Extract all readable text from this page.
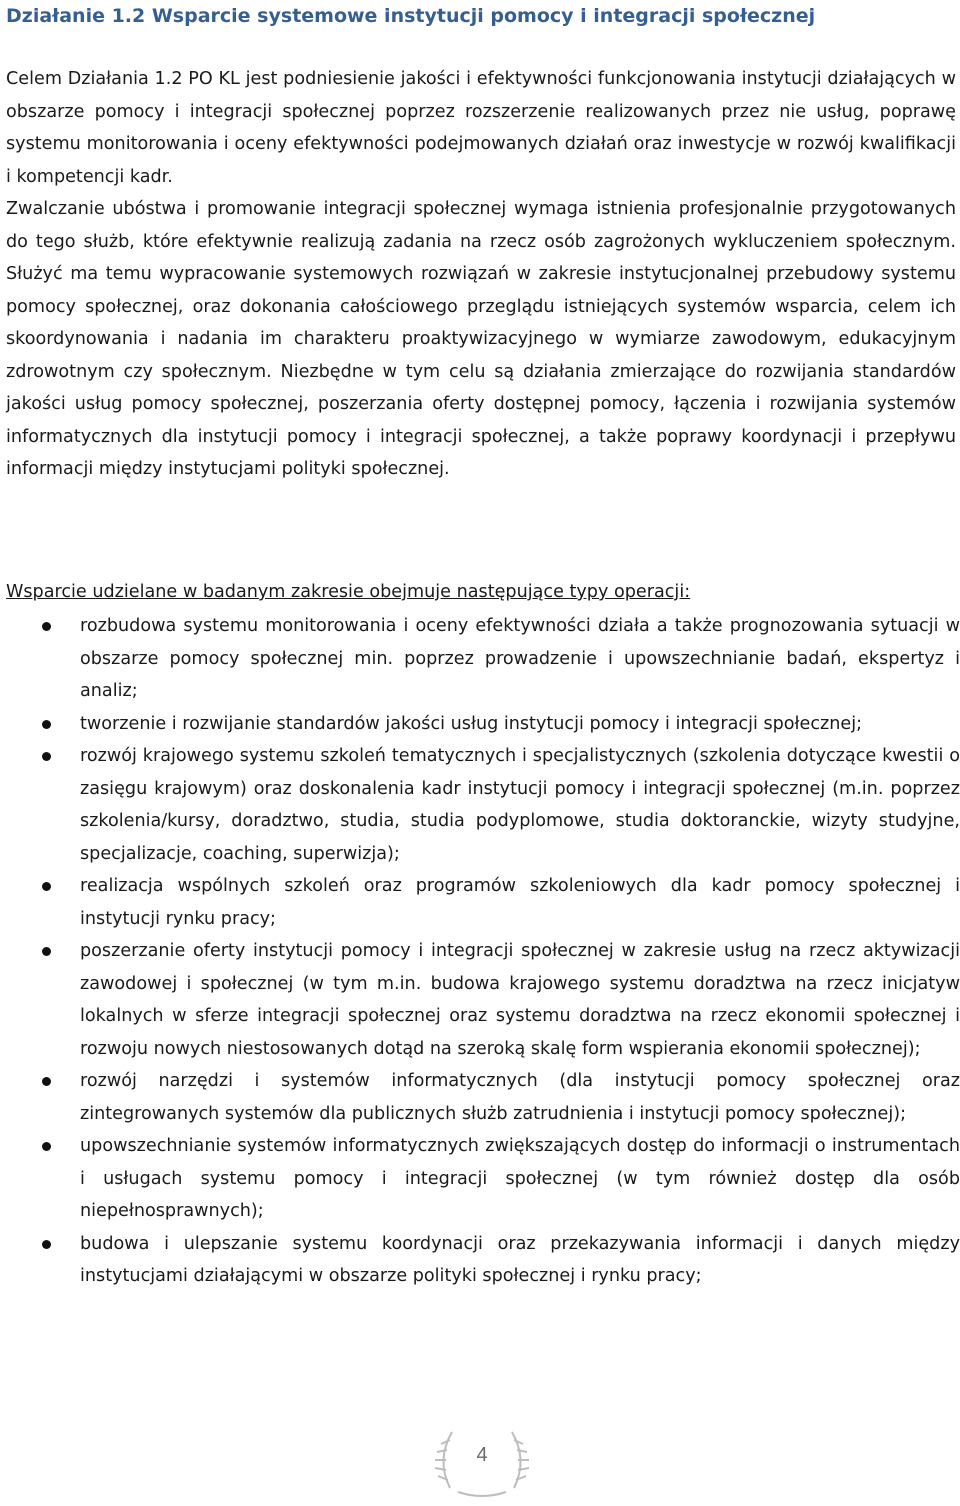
Działanie 1.2 Wsparcie systemowe instytucji pomocy i integracji społecznej

Celem Działania 1.2 PO KL jest podniesienie jakości i efektywności funkcjonowania instytucji działających w obszarze pomocy i integracji społecznej poprzez rozszerzenie realizowanych przez nie usług, poprawę systemu monitorowania i oceny efektywności podejmowanych działań oraz inwestycje w rozwój kwalifikacji i kompetencji kadr.

Zwalczanie ubóstwa i promowanie integracji społecznej wymaga istnienia profesjonalnie przygotowanych do tego służb, które efektywnie realizują zadania na rzecz osób zagrożonych wykluczeniem społecznym. Służyć ma temu wypracowanie systemowych rozwiązań w zakresie instytucjonalnej przebudowy systemu pomocy społecznej, oraz dokonania całościowego przeglądu istniejących systemów wsparcia, celem ich skoordynowania i nadania im charakteru proaktywizacyjnego w wymiarze zawodowym, edukacyjnym zdrowotnym czy społecznym. Niezbędne w tym celu są działania zmierzające do rozwijania standardów jakości usług pomocy społecznej, poszerzania oferty dostępnej pomocy, łączenia i rozwijania systemów informatycznych dla instytucji pomocy i integracji społecznej, a także poprawy koordynacji i przepływu informacji między instytucjami polityki społecznej.

Wsparcie udzielane w badanym zakresie obejmuje następujące typy operacji:
rozbudowa systemu monitorowania i oceny efektywności działa a także prognozowania sytuacji w obszarze pomocy społecznej min. poprzez prowadzenie i upowszechnianie badań, ekspertyz i analiz;
tworzenie i rozwijanie standardów jakości usług instytucji pomocy i integracji społecznej;
rozwój krajowego systemu szkoleń tematycznych i specjalistycznych (szkolenia dotyczące kwestii o zasięgu krajowym) oraz doskonalenia kadr instytucji pomocy i integracji społecznej (m.in. poprzez szkolenia/kursy, doradztwo, studia, studia podyplomowe, studia doktoranckie, wizyty studyjne, specjalizacje, coaching, superwizja);
realizacja wspólnych szkoleń oraz programów szkoleniowych dla kadr pomocy społecznej i instytucji rynku pracy;
poszerzanie oferty instytucji pomocy i integracji społecznej w zakresie usług na rzecz aktywizacji zawodowej i społecznej (w tym m.in. budowa krajowego systemu doradztwa na rzecz inicjatyw lokalnych w sferze integracji społecznej oraz systemu doradztwa na rzecz ekonomii społecznej i rozwoju nowych niestosowanych dotąd na szeroką skalę form wspierania ekonomii społecznej);
rozwój narzędzi i systemów informatycznych (dla instytucji pomocy społecznej oraz zintegrowanych systemów dla publicznych służb zatrudnienia i instytucji pomocy społecznej);
upowszechnianie systemów informatycznych zwiększających dostęp do informacji o instrumentach i usługach systemu pomocy i integracji społecznej (w tym również dostęp dla osób niepełnosprawnych);
budowa i ulepszanie systemu koordynacji oraz przekazywania informacji i danych między instytucjami działającymi w obszarze polityki społecznej i rynku pracy;
4
